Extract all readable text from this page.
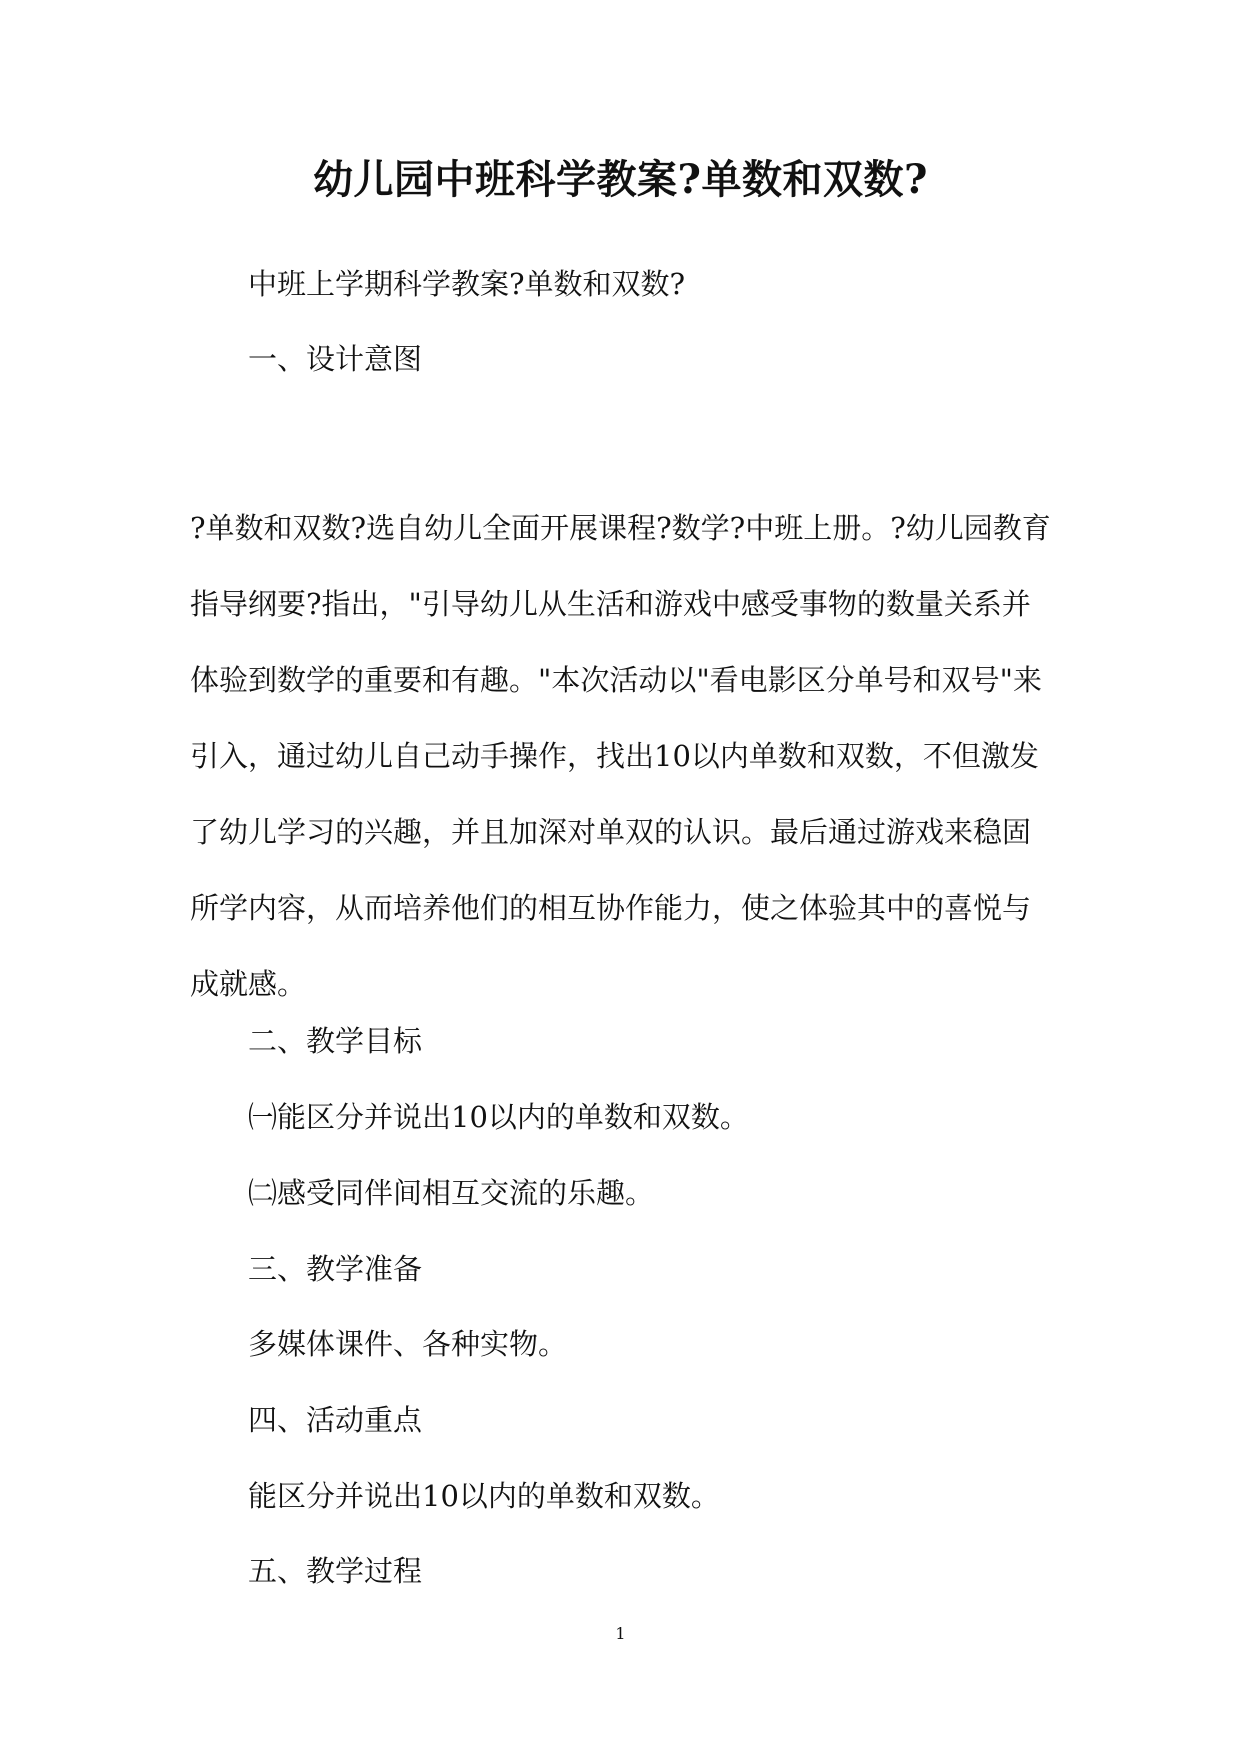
幼儿园中班科学教案?单数和双数?
中班上学期科学教案?单数和双数?
一、设计意图
?单数和双数?选自幼儿全面开展课程?数学?中班上册。?幼儿园教育
指导纲要?指出，"引导幼儿从生活和游戏中感受事物的数量关系并
体验到数学的重要和有趣。"本次活动以"看电影区分单号和双号"来
引入，通过幼儿自己动手操作，找出10以内单数和双数，不但激发
了幼儿学习的兴趣，并且加深对单双的认识。最后通过游戏来稳固
所学内容，从而培养他们的相互协作能力，使之体验其中的喜悦与
成就感。
二、教学目标
㈠能区分并说出10以内的单数和双数。
㈡感受同伴间相互交流的乐趣。
三、教学准备
多媒体课件、各种实物。
四、活动重点
能区分并说出10以内的单数和双数。
五、教学过程
1
